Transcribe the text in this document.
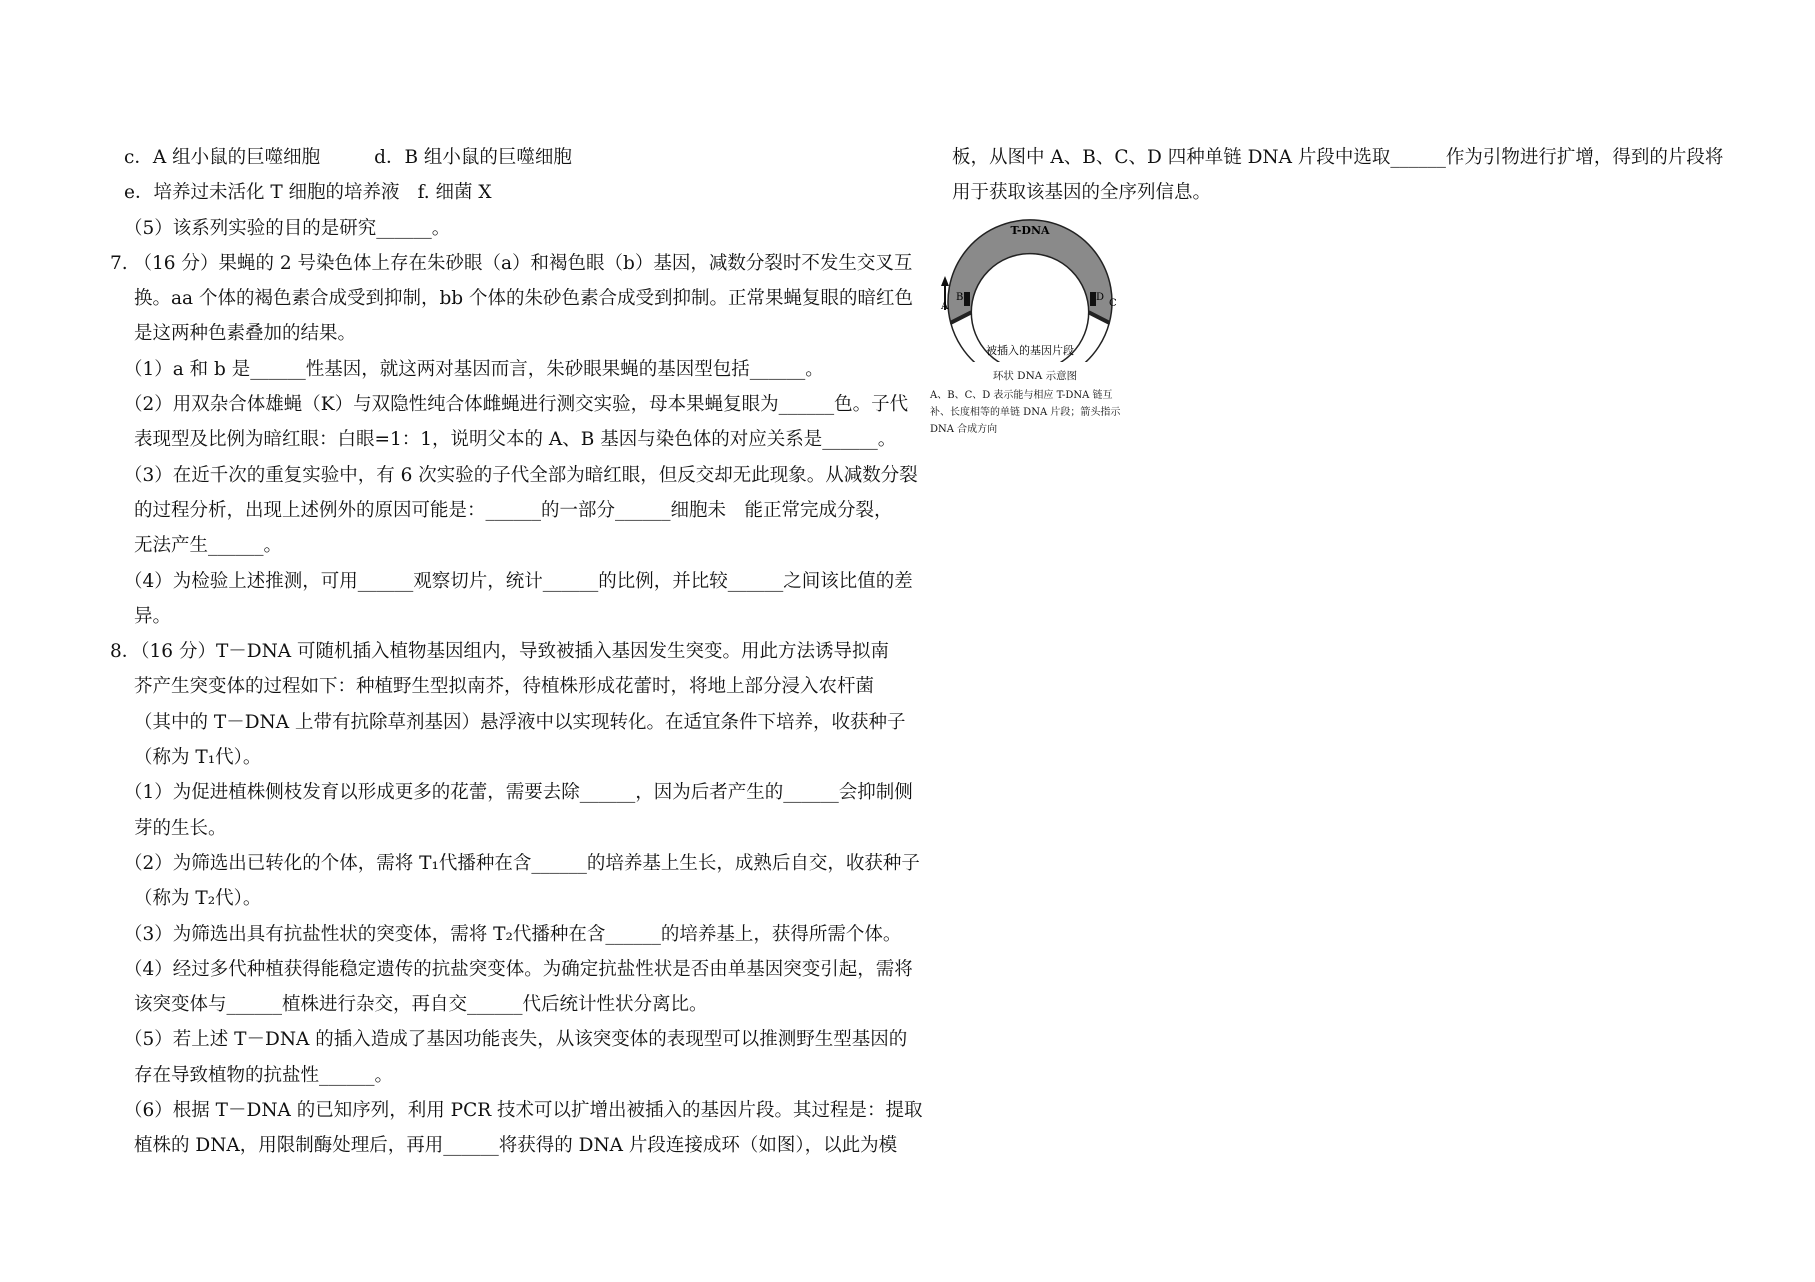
c．A 组小鼠的巨噬细胞	d．B 组小鼠的巨噬细胞
e．培养过未活化 T 细胞的培养液 f. 细菌 X
（5）该系列实验的目的是研究______。
7. （16 分）果蝇的 2 号染色体上存在朱砂眼（a）和褐色眼（b）基因，减数分裂时不发生交叉互
换。aa 个体的褐色素合成受到抑制，bb 个体的朱砂色素合成受到抑制。正常果蝇复眼的暗红色
是这两种色素叠加的结果。
（1）a 和 b 是______性基因，就这两对基因而言，朱砂眼果蝇的基因型包括______。
（2）用双杂合体雄蝇（K）与双隐性纯合体雌蝇进行测交实验，母本果蝇复眼为______色。子代
表现型及比例为暗红眼：白眼=1：1，说明父本的 A、B 基因与染色体的对应关系是______。
（3）在近千次的重复实验中，有 6 次实验的子代全部为暗红眼，但反交却无此现象。从减数分裂
的过程分析，出现上述例外的原因可能是：______的一部分______细胞未　能正常完成分裂，
无法产生______。
（4）为检验上述推测，可用______观察切片，统计______的比例，并比较______之间该比值的差
异。
8．（16 分）T－DNA 可随机插入植物基因组内，导致被插入基因发生突变。用此方法诱导拟南
芥产生突变体的过程如下：种植野生型拟南芥，待植株形成花蕾时，将地上部分浸入农杆菌
（其中的 T－DNA 上带有抗除草剂基因）悬浮液中以实现转化。在适宜条件下培养，收获种子
（称为 T₁代）。
（1）为促进植株侧枝发育以形成更多的花蕾，需要去除______，因为后者产生的______会抑制侧
芽的生长。
（2）为筛选出已转化的个体，需将 T₁代播种在含______的培养基上生长，成熟后自交，收获种子
（称为 T₂代）。
（3）为筛选出具有抗盐性状的突变体，需将 T₂代播种在含______的培养基上，获得所需个体。
（4）经过多代种植获得能稳定遗传的抗盐突变体。为确定抗盐性状是否由单基因突变引起，需将
该突变体与______植株进行杂交，再自交______代后统计性状分离比。
（5）若上述 T－DNA 的插入造成了基因功能丧失，从该突变体的表现型可以推测野生型基因的
存在导致植物的抗盐性______。
（6）根据 T－DNA 的已知序列，利用 PCR 技术可以扩增出被插入的基因片段。其过程是：提取
植株的 DNA，用限制酶处理后，再用______将获得的 DNA 片段连接成环（如图），以此为模
板，从图中 A、B、C、D 四种单链 DNA 片段中选取______作为引物进行扩增，得到的片段将
用于获取该基因的全序列信息。
T-DNA
A
B	D
C
被插入的基因片段
环状 DNA 示意图
A、B、C、D 表示能与相应 T-DNA 链互补、长度相等的单链 DNA 片段；箭头指示 DNA 合成方向
